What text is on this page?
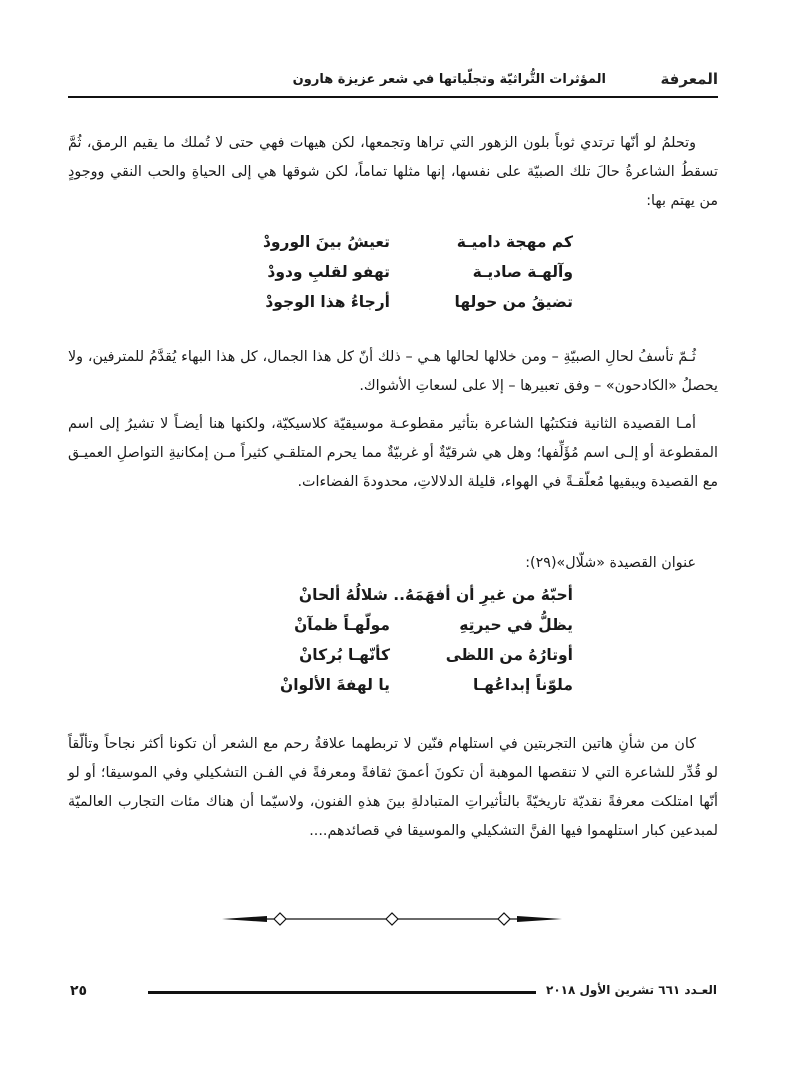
المعرفة
المؤثرات التُّراثيّة وتجلّياتها في شعر عزيزة هارون

وتحلمُ لو أنّها ترتدي ثوباً بلون الزهور التي تراها وتجمعها، لكن هيهات فهي حتى لا تُملك ما يقيم الرمق، ثُمَّ تسقطُ الشاعرةُ حالَ تلك الصبيّة على نفسها، إنها مثلها تماماً، لكن شوقها هي إلى الحياةِ والحب النقي ووجودٍ من يهتم بها:

كم مهجة داميـة
تعيشُ بينَ الورودْ
وآلهـة صاديـة
تهفو لقلبِ ودودْ
تضيقُ من حولها
أرجاءُ هذا الوجودْ

ثُـمّ تأسفُ لحالِ الصبيّةِ – ومن خلالها لحالها هـي – ذلك أنّ كل هذا الجمال، كل هذا البهاء يُقدَّمُ للمترفين، ولا يحصلُ «الكادحون» – وفق تعبيرها – إلا على لسعاتِ الأشواك.

أمـا القصيدة الثانية فتكتبُها الشاعرة بتأثير مقطوعـة موسيقيّة كلاسيكيّة، ولكنها هنا أيضـاً لا تشيرُ إلى اسم المقطوعة أو إلـى اسم مُؤَلِّفها؛ وهل هي شرقيّةٌ أو غربيّةٌ مما يحرم المتلقـي كثيراً مـن إمكانيةِ التواصلِ العميـق مع القصيدة ويبقيها مُعلّقـةً في الهواء، قليلة الدلالاتِ، محدودةَ الفضاءات.

عنوان القصيدة «شلّال»(٢٩):

أحبّهُ من غيرِ أن أفهَمَهُ.. شلالُهُ ألحانْ
يظلُّ في حيرتِهِ
مولّهـاً ظمآنْ
أوتارُهُ من اللظى
كأنّهـا بُركانْ
ملوّناً إبداعُهـا
يا لهفةَ الألوانْ

كان من شأنِ هاتين التجربتين في استلهام فنّين لا تربطهما علاقةُ رحم مع الشعر أن تكونا أكثر نجاحاً وتألّقاً لو قُدِّر للشاعرة التي لا تنقصها الموهبة أن تكونَ أعمقَ ثقافةً ومعرفةً في الفـن التشكيلي وفي الموسيقا؛ أو لو أنّها امتلكت معرفةً نقديّة تاريخيّةً بالتأثيراتِ المتبادلةِ بينَ هذهِ الفنون، ولاسيّما أن هناك مئات التجارب العالميّة لمبدعين كبار استلهموا فيها الفنَّ التشكيلي والموسيقا في قصائدهم....

٢٥	العـدد ٦٦١ تشرين الأول ٢٠١٨
